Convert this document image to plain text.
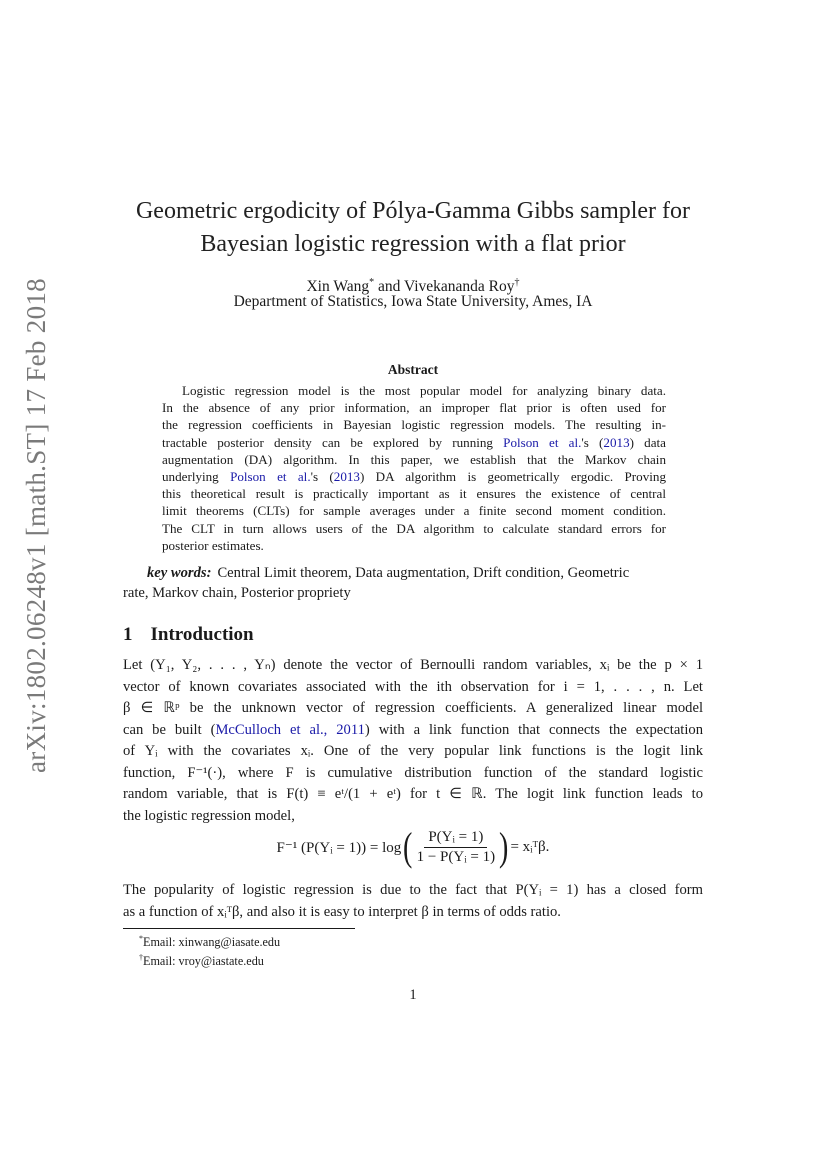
arXiv:1802.06248v1 [math.ST] 17 Feb 2018
Geometric ergodicity of Pólya-Gamma Gibbs sampler for
Bayesian logistic regression with a flat prior
Xin Wang* and Vivekananda Roy†
Department of Statistics, Iowa State University, Ames, IA
Abstract
Logistic regression model is the most popular model for analyzing binary data.
In the absence of any prior information, an improper flat prior is often used for
the regression coefficients in Bayesian logistic regression models. The resulting in-
tractable posterior density can be explored by running Polson et al.'s (2013) data
augmentation (DA) algorithm. In this paper, we establish that the Markov chain
underlying Polson et al.'s (2013) DA algorithm is geometrically ergodic. Proving
this theoretical result is practically important as it ensures the existence of central
limit theorems (CLTs) for sample averages under a finite second moment condition.
The CLT in turn allows users of the DA algorithm to calculate standard errors for
posterior estimates.
key words: Central Limit theorem, Data augmentation, Drift condition, Geometric
rate, Markov chain, Posterior propriety
1 Introduction
Let (Y₁, Y₂, . . . , Yₙ) denote the vector of Bernoulli random variables, xᵢ be the p × 1
vector of known covariates associated with the ith observation for i = 1, . . . , n. Let
β ∈ ℝᵖ be the unknown vector of regression coefficients. A generalized linear model
can be built (McCulloch et al., 2011) with a link function that connects the expectation
of Yᵢ with the covariates xᵢ. One of the very popular link functions is the logit link
function, F⁻¹(·), where F is cumulative distribution function of the standard logistic
random variable, that is F(t) ≡ eᵗ/(1 + eᵗ) for t ∈ ℝ. The logit link function leads to
the logistic regression model,
F⁻¹ (P(Yᵢ = 1)) = log ( $\frac{\text{P(Yᵢ = 1)}}{\text{1 − P(Yᵢ = 1)}}$ ) = xᵢᵀβ.
The popularity of logistic regression is due to the fact that P(Yᵢ = 1) has a closed form
as a function of xᵢᵀβ, and also it is easy to interpret β in terms of odds ratio.
*Email: xinwang@iasate.edu
†Email: vroy@iastate.edu
1
